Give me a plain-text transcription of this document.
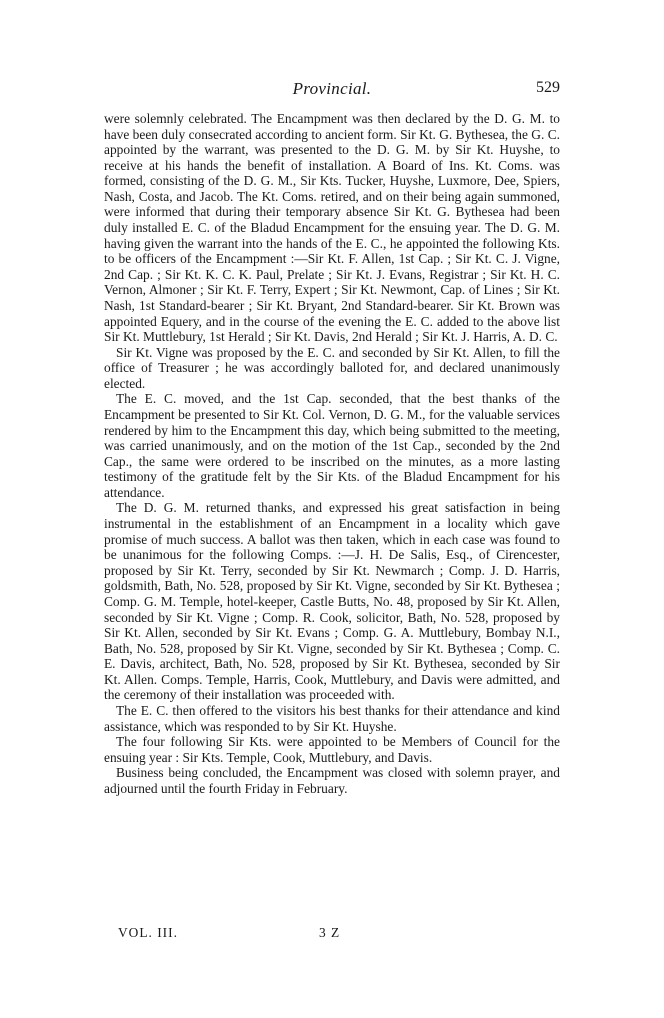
Provincial.	529

were solemnly celebrated. The Encampment was then declared by the D. G. M. to have been duly consecrated according to ancient form. Sir Kt. G. Bythesea, the G. C. appointed by the warrant, was presented to the D. G. M. by Sir Kt. Huyshe, to receive at his hands the benefit of installation. A Board of Ins. Kt. Coms. was formed, consisting of the D. G. M., Sir Kts. Tucker, Huyshe, Luxmore, Dee, Spiers, Nash, Costa, and Jacob. The Kt. Coms. retired, and on their being again summoned, were informed that during their temporary absence Sir Kt. G. Bythesea had been duly installed E. C. of the Bladud Encampment for the ensuing year. The D. G. M. having given the warrant into the hands of the E. C., he appointed the following Kts. to be officers of the Encampment :—Sir Kt. F. Allen, 1st Cap. ; Sir Kt. C. J. Vigne, 2nd Cap. ; Sir Kt. K. C. K. Paul, Prelate ; Sir Kt. J. Evans, Registrar ; Sir Kt. H. C. Vernon, Almoner ; Sir Kt. F. Terry, Expert ; Sir Kt. Newmont, Cap. of Lines ; Sir Kt. Nash, 1st Standard-bearer ; Sir Kt. Bryant, 2nd Standard-bearer. Sir Kt. Brown was appointed Equery, and in the course of the evening the E. C. added to the above list Sir Kt. Muttlebury, 1st Herald ; Sir Kt. Davis, 2nd Herald ; Sir Kt. J. Harris, A. D. C.

Sir Kt. Vigne was proposed by the E. C. and seconded by Sir Kt. Allen, to fill the office of Treasurer ; he was accordingly balloted for, and declared unanimously elected.

The E. C. moved, and the 1st Cap. seconded, that the best thanks of the Encampment be presented to Sir Kt. Col. Vernon, D. G. M., for the valuable services rendered by him to the Encampment this day, which being submitted to the meeting, was carried unanimously, and on the motion of the 1st Cap., seconded by the 2nd Cap., the same were ordered to be inscribed on the minutes, as a more lasting testimony of the gratitude felt by the Sir Kts. of the Bladud Encampment for his attendance.

The D. G. M. returned thanks, and expressed his great satisfaction in being instrumental in the establishment of an Encampment in a locality which gave promise of much success. A ballot was then taken, which in each case was found to be unanimous for the following Comps. :—J. H. De Salis, Esq., of Cirencester, proposed by Sir Kt. Terry, seconded by Sir Kt. Newmarch ; Comp. J. D. Harris, goldsmith, Bath, No. 528, proposed by Sir Kt. Vigne, seconded by Sir Kt. Bythesea ; Comp. G. M. Temple, hotel-keeper, Castle Butts, No. 48, proposed by Sir Kt. Allen, seconded by Sir Kt. Vigne ; Comp. R. Cook, solicitor, Bath, No. 528, proposed by Sir Kt. Allen, seconded by Sir Kt. Evans ; Comp. G. A. Muttlebury, Bombay N.I., Bath, No. 528, proposed by Sir Kt. Vigne, seconded by Sir Kt. Bythesea ; Comp. C. E. Davis, architect, Bath, No. 528, proposed by Sir Kt. Bythesea, seconded by Sir Kt. Allen. Comps. Temple, Harris, Cook, Muttlebury, and Davis were admitted, and the ceremony of their installation was proceeded with.

The E. C. then offered to the visitors his best thanks for their attendance and kind assistance, which was responded to by Sir Kt. Huyshe.

The four following Sir Kts. were appointed to be Members of Council for the ensuing year : Sir Kts. Temple, Cook, Muttlebury, and Davis.

Business being concluded, the Encampment was closed with solemn prayer, and adjourned until the fourth Friday in February.

VOL. III.	3 Z
